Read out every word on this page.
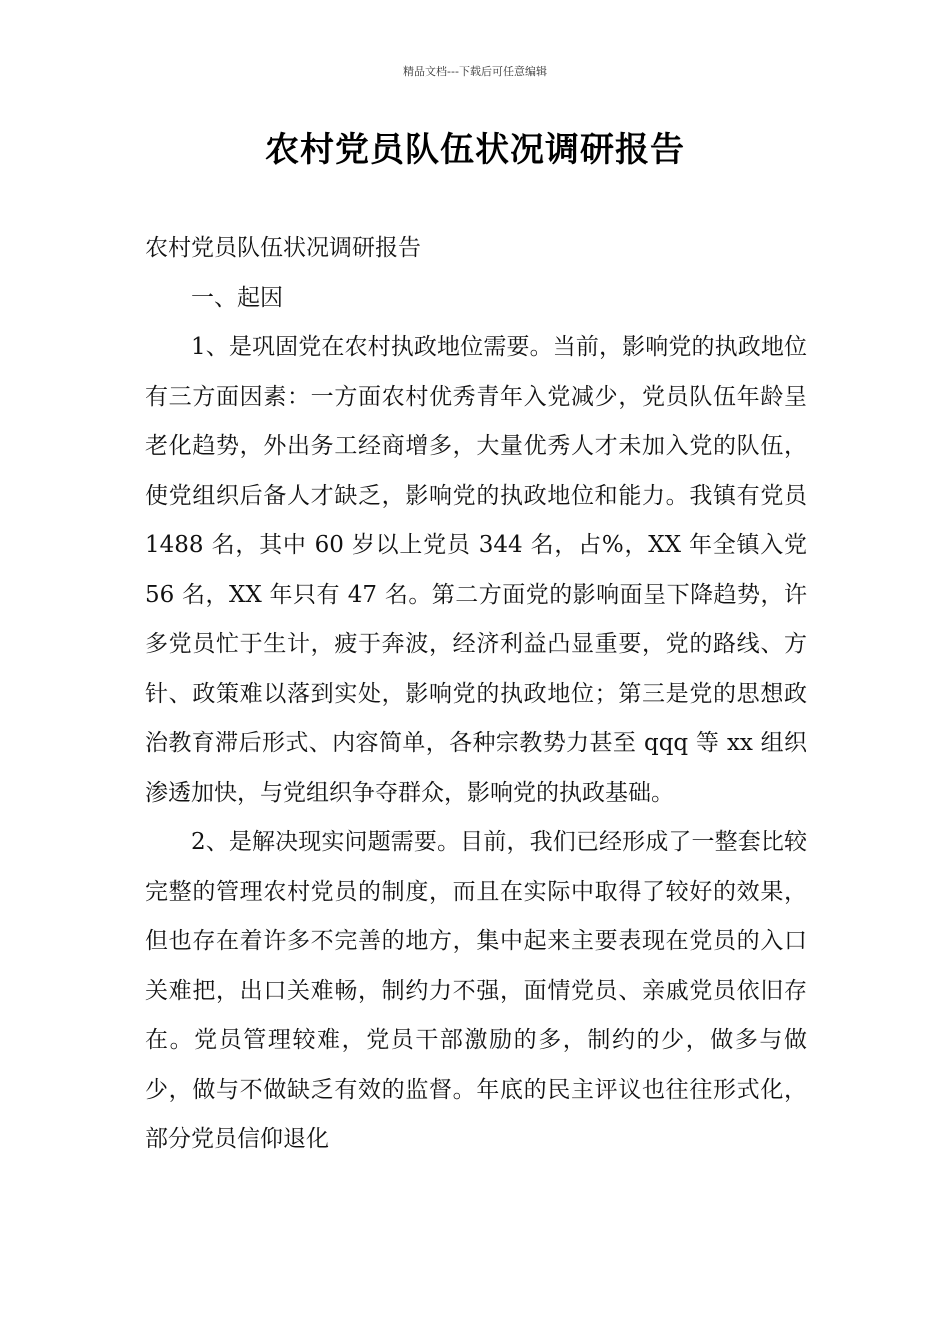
精品文档---下载后可任意编辑
农村党员队伍状况调研报告

农村党员队伍状况调研报告

一、起因

1、是巩固党在农村执政地位需要。当前，影响党的执政地位有三方面因素：一方面农村优秀青年入党减少，党员队伍年龄呈老化趋势，外出务工经商增多，大量优秀人才未加入党的队伍，使党组织后备人才缺乏，影响党的执政地位和能力。我镇有党员 1488 名，其中 60 岁以上党员 344 名，占%，XX 年全镇入党 56 名，XX 年只有 47 名。第二方面党的影响面呈下降趋势，许多党员忙于生计，疲于奔波，经济利益凸显重要，党的路线、方针、政策难以落到实处，影响党的执政地位；第三是党的思想政治教育滞后形式、内容简单，各种宗教势力甚至 qqq 等 xx 组织渗透加快，与党组织争夺群众，影响党的执政基础。

2、是解决现实问题需要。目前，我们已经形成了一整套比较完整的管理农村党员的制度，而且在实际中取得了较好的效果，但也存在着许多不完善的地方，集中起来主要表现在党员的入口关难把，出口关难畅，制约力不强，面情党员、亲戚党员依旧存在。党员管理较难，党员干部激励的多，制约的少，做多与做少，做与不做缺乏有效的监督。年底的民主评议也往往形式化，部分党员信仰退化
